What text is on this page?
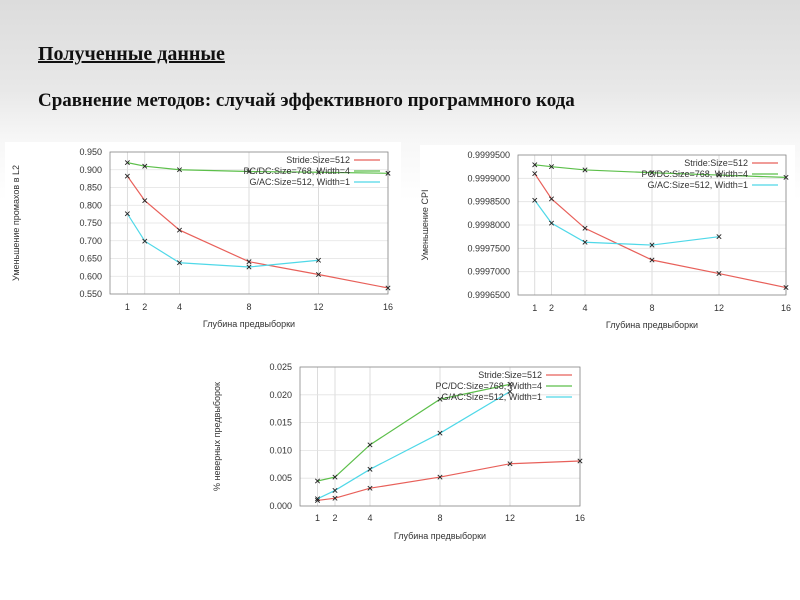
Полученные данные
Сравнение методов: случай эффективного программного кода
1 2	4	8	12	16
0.550
0.600
0.650
0.700
0.750
0.800
0.850
0.900
0.950
Глубина предвыборки
Уменьшение промахов в L2
Stride:Size=512
PC/DC:Size=768, Width=4
G/AC:Size=512, Width=1
1 2	4	8	12	16
0.9996500
0.9997000
0.9997500
0.9998000
0.9998500
0.9999000
0.9999500
Глубина предвыборки
Уменьшение CPI
Stride:Size=512
PC/DC:Size=768, Width=4
G/AC:Size=512, Width=1
1 2	4	8	12	16
0.000
0.005
0.010
0.015
0.020
0.025
Глубина предвыборки
% неверных предвыборок
Stride:Size=512
PC/DC:Size=768, Width=4
G/AC:Size=512, Width=1
